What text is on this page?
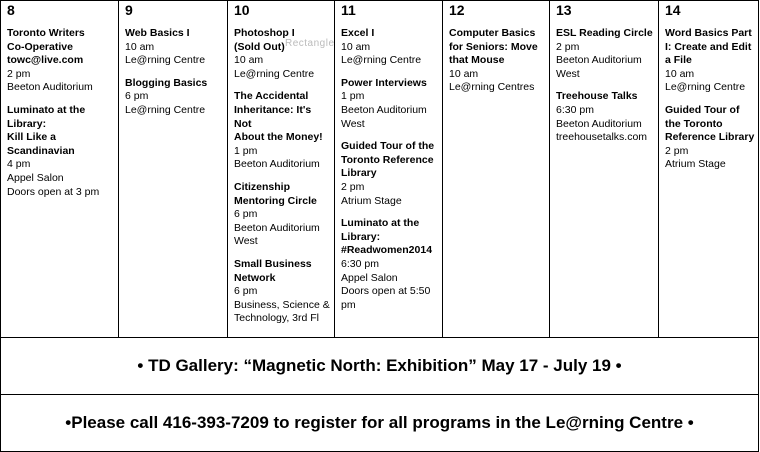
8
Toronto Writers
Co-Operative
towc@live.com
2 pm
Beeton Auditorium
Luminato at the
Library:
Kill Like a
Scandinavian
4 pm
Appel Salon
Doors open at 3 pm

9
Web Basics I
10 am
Le@rning Centre
Blogging Basics
6 pm
Le@rning Centre

10
Photoshop I
(Sold Out)
10 am
Le@rning Centre
The Accidental
Inheritance: It's Not
About the Money!
1 pm
Beeton Auditorium
Citizenship
Mentoring Circle
6 pm
Beeton Auditorium
West
Small Business
Network
6 pm
Business, Science &
Technology, 3rd Fl

11
Excel I
10 am
Le@rning Centre
Power Interviews
1 pm
Beeton Auditorium
West
Guided Tour of the
Toronto Reference
Library
2 pm
Atrium Stage
Luminato at the
Library:
#Readwomen2014
6:30 pm
Appel Salon
Doors open at 5:50
pm

12
Computer Basics
for Seniors: Move
that Mouse
10 am
Le@rning Centres

13
ESL Reading Circle
2 pm
Beeton Auditorium
West
Treehouse Talks
6:30 pm
Beeton Auditorium
treehousetalks.com

14
Word Basics Part
I: Create and Edit
a File
10 am
Le@rning Centre
Guided Tour of
the Toronto
Reference Library
2 pm
Atrium Stage

• TD Gallery: “Magnetic North: Exhibition” May 17 - July 19 •
•Please call 416-393-7209 to register for all programs in the Le@rning Centre •
Rectangle
